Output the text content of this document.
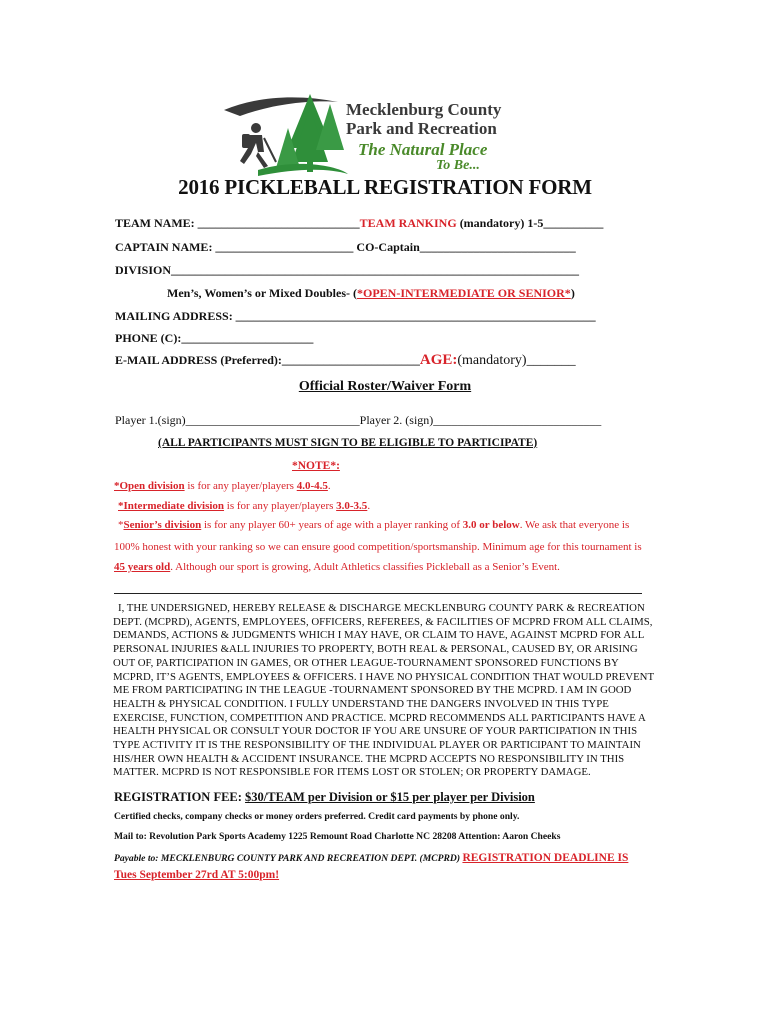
Mecklenburg County
Park and Recreation
The Natural Place
To Be...
2016 PICKLEBALL REGISTRATION FORM
TEAM NAME: ___________________________TEAM RANKING (mandatory) 1-5__________
CAPTAIN NAME: _______________________ CO-Captain__________________________
DIVISION____________________________________________________________________
Men’s, Women’s or Mixed Doubles- (*OPEN-INTERMEDIATE OR SENIOR*)
MAILING ADDRESS: ____________________________________________________________
PHONE (C):______________________
E-MAIL ADDRESS (Preferred):_______________________AGE:(mandatory)_______
Official Roster/Waiver Form
Player 1.(sign)_____________________________Player 2. (sign)____________________________
(ALL PARTICIPANTS MUST SIGN TO BE ELIGIBLE TO PARTICIPATE)
*NOTE*:
*Open division is for any player/players 4.0-4.5.
*Intermediate division is for any player/players 3.0-3.5.
*Senior’s division is for any player 60+ years of age with a player ranking of 3.0 or below. We ask that everyone is
100% honest with your ranking so we can ensure good competition/sportsmanship. Minimum age for this tournament is
45 years old. Although our sport is growing, Adult Athletics classifies Pickleball as a Senior’s Event.
I, THE UNDERSIGNED, HEREBY RELEASE & DISCHARGE MECKLENBURG COUNTY PARK & RECREATION DEPT. (MCPRD), AGENTS, EMPLOYEES, OFFICERS, REFEREES, & FACILITIES OF MCPRD FROM ALL CLAIMS, DEMANDS, ACTIONS & JUDGMENTS WHICH I MAY HAVE, OR CLAIM TO HAVE, AGAINST MCPRD FOR ALL PERSONAL INJURIES &ALL INJURIES TO PROPERTY, BOTH REAL & PERSONAL, CAUSED BY, OR ARISING OUT OF, PARTICIPATION IN GAMES, OR OTHER LEAGUE-TOURNAMENT SPONSORED FUNCTIONS BY MCPRD, IT’S AGENTS, EMPLOYEES & OFFICERS. I HAVE NO PHYSICAL CONDITION THAT WOULD PREVENT ME FROM PARTICIPATING IN THE LEAGUE -TOURNAMENT SPONSORED BY THE MCPRD. I AM IN GOOD HEALTH & PHYSICAL CONDITION. I FULLY UNDERSTAND THE DANGERS INVOLVED IN THIS TYPE EXERCISE, FUNCTION, COMPETITION AND PRACTICE. MCPRD RECOMMENDS ALL PARTICIPANTS HAVE A HEALTH PHYSICAL OR CONSULT YOUR DOCTOR IF YOU ARE UNSURE OF YOUR PARTICIPATION IN THIS TYPE ACTIVITY IT IS THE RESPONSIBILITY OF THE INDIVIDUAL PLAYER OR PARTICIPANT TO MAINTAIN HIS/HER OWN HEALTH & ACCIDENT INSURANCE. THE MCPRD ACCEPTS NO RESPONSIBILITY IN THIS MATTER. MCPRD IS NOT RESPONSIBLE FOR ITEMS LOST OR STOLEN; OR PROPERTY DAMAGE.
REGISTRATION FEE: $30/TEAM per Division or $15 per player per Division
Certified checks, company checks or money orders preferred. Credit card payments by phone only.
Mail to: Revolution Park Sports Academy 1225 Remount Road Charlotte NC 28208 Attention: Aaron Cheeks
Payable to: MECKLENBURG COUNTY PARK AND RECREATION DEPT. (MCPRD) REGISTRATION DEADLINE IS
Tues September 27rd AT 5:00pm!
